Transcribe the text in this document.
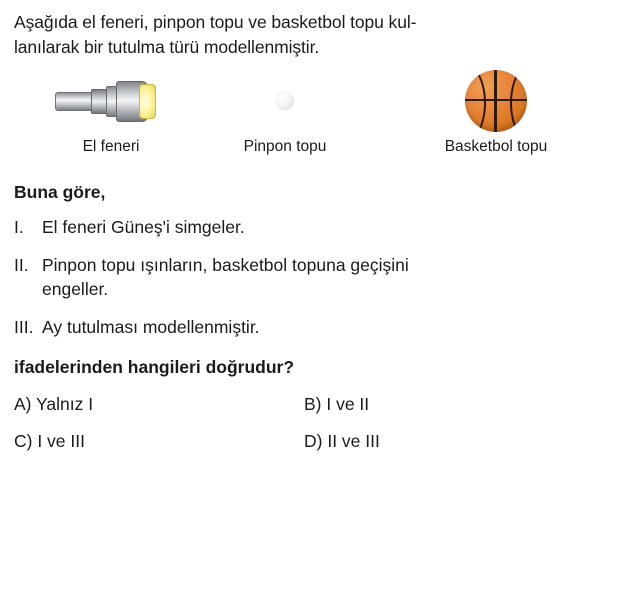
Aşağıda el feneri, pinpon topu ve basketbol topu kul-
lanılarak bir tutulma türü modellenmiştir.
El feneri	Pinpon topu	Basketbol topu
Buna göre,
I.	El feneri Güneş'i simgeler.
II. Pinpon topu ışınların, basketbol topuna geçişini
engeller.
III. Ay tutulması modellenmiştir.
ifadelerinden hangileri doğrudur?
A) Yalnız I	B) I ve II
C) I ve III	D) II ve III
